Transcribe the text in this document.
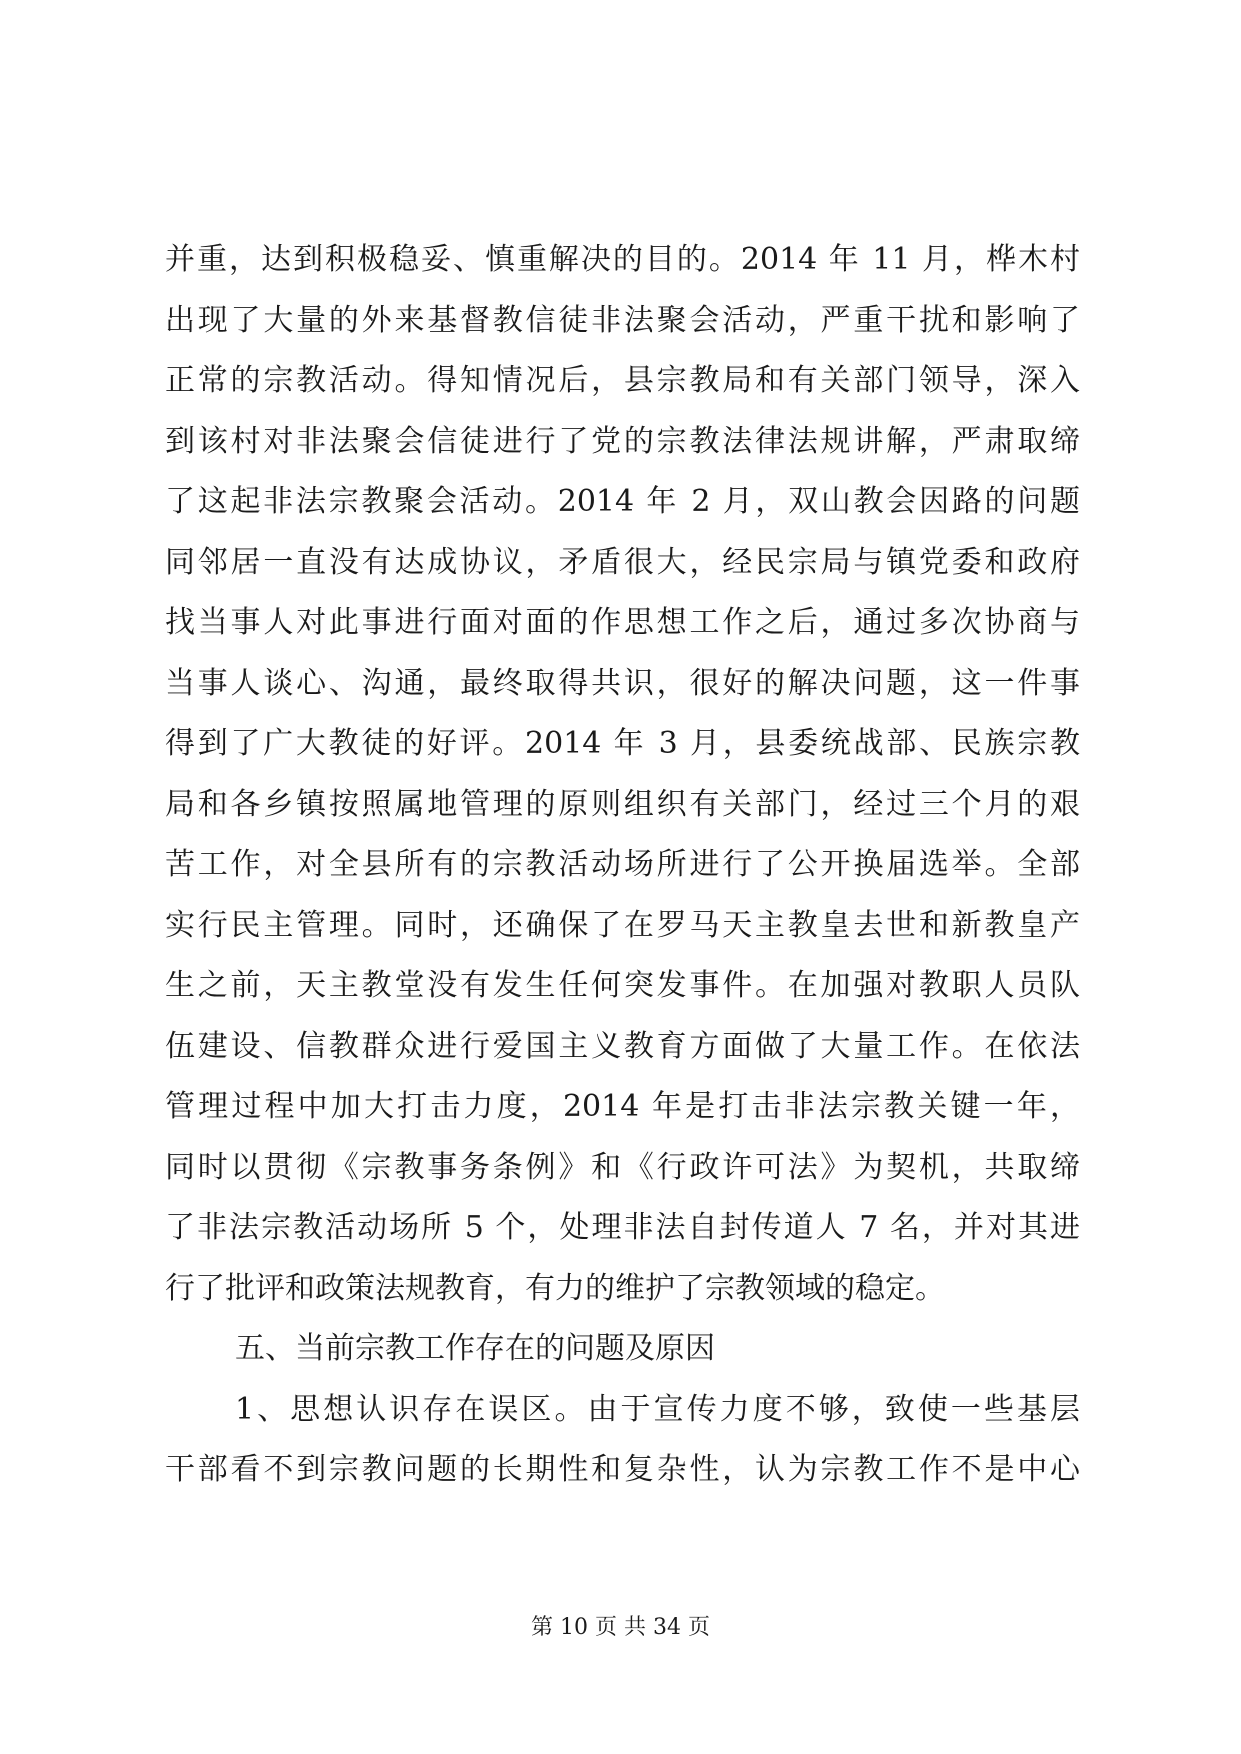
并重，达到积极稳妥、慎重解决的目的。2014 年 11 月，桦木村
出现了大量的外来基督教信徒非法聚会活动，严重干扰和影响了
正常的宗教活动。得知情况后，县宗教局和有关部门领导，深入
到该村对非法聚会信徒进行了党的宗教法律法规讲解，严肃取缔
了这起非法宗教聚会活动。2014 年 2 月，双山教会因路的问题
同邻居一直没有达成协议，矛盾很大，经民宗局与镇党委和政府
找当事人对此事进行面对面的作思想工作之后，通过多次协商与
当事人谈心、沟通，最终取得共识，很好的解决问题，这一件事
得到了广大教徒的好评。2014 年 3 月，县委统战部、民族宗教
局和各乡镇按照属地管理的原则组织有关部门，经过三个月的艰
苦工作，对全县所有的宗教活动场所进行了公开换届选举。全部
实行民主管理。同时，还确保了在罗马天主教皇去世和新教皇产
生之前，天主教堂没有发生任何突发事件。在加强对教职人员队
伍建设、信教群众进行爱国主义教育方面做了大量工作。在依法
管理过程中加大打击力度，2014 年是打击非法宗教关键一年，
同时以贯彻《宗教事务条例》和《行政许可法》为契机，共取缔
了非法宗教活动场所 5 个，处理非法自封传道人 7 名，并对其进
行了批评和政策法规教育，有力的维护了宗教领域的稳定。
五、当前宗教工作存在的问题及原因
1、思想认识存在误区。由于宣传力度不够，致使一些基层
干部看不到宗教问题的长期性和复杂性，认为宗教工作不是中心
第 10 页 共 34 页
